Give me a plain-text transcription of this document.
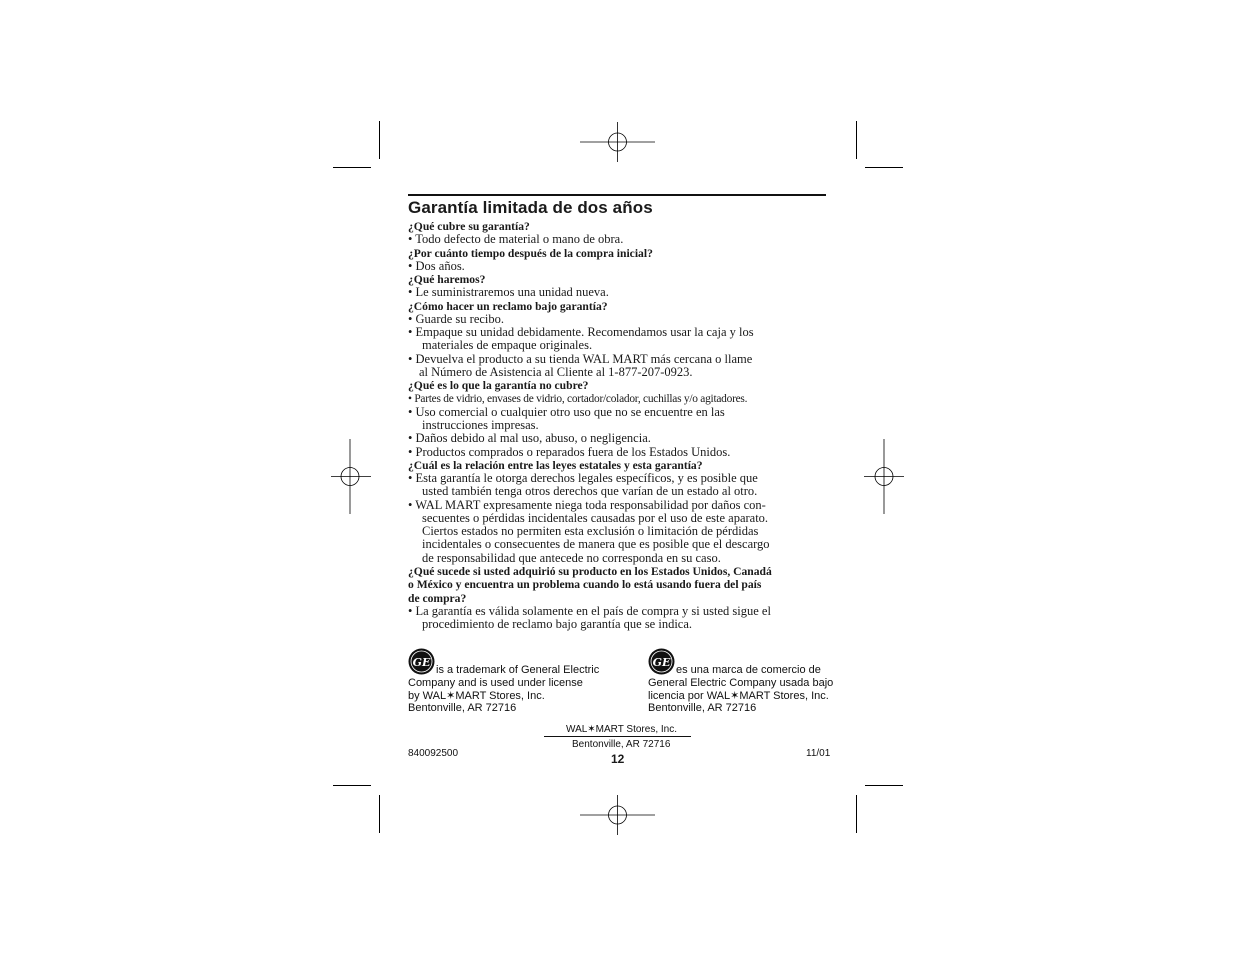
Garantía limitada de dos años
¿Qué cubre su garantía?
• Todo defecto de material o mano de obra.
¿Por cuánto tiempo después de la compra inicial?
• Dos años.
¿Qué haremos?
• Le suministraremos una unidad nueva.
¿Cómo hacer un reclamo bajo garantía?
• Guarde su recibo.
• Empaque su unidad debidamente. Recomendamos usar la caja y los
materiales de empaque originales.
• Devuelva el producto a su tienda WAL MART más cercana o llame
al Número de Asistencia al Cliente al 1-877-207-0923.
¿Qué es lo que la garantía no cubre?
• Partes de vidrio, envases de vidrio, cortador/colador, cuchillas y/o agitadores.
• Uso comercial o cualquier otro uso que no se encuentre en las
instrucciones impresas.
• Daños debido al mal uso, abuso, o negligencia.
• Productos comprados o reparados fuera de los Estados Unidos.
¿Cuál es la relación entre las leyes estatales y esta garantía?
• Esta garantía le otorga derechos legales específicos, y es posible que
usted también tenga otros derechos que varían de un estado al otro.
• WAL MART expresamente niega toda responsabilidad por daños con-
secuentes o pérdidas incidentales causadas por el uso de este aparato.
Ciertos estados no permiten esta exclusión o limitación de pérdidas
incidentales o consecuentes de manera que es posible que el descargo
de responsabilidad que antecede no corresponda en su caso.
¿Qué sucede si usted adquirió su producto en los Estados Unidos, Canadá
o México y encuentra un problema cuando lo está usando fuera del país
de compra?
• La garantía es válida solamente en el país de compra y si usted sigue el
procedimiento de reclamo bajo garantía que se indica.
GE
is a trademark of General Electric
Company and is used under license
by WAL✶MART Stores, Inc.
Bentonville, AR 72716
GE
es una marca de comercio de
General Electric Company usada bajo
licencia por WAL✶MART Stores, Inc.
Bentonville, AR 72716
WAL✶MART Stores, Inc.
Bentonville, AR 72716
840092500	12	11/01
